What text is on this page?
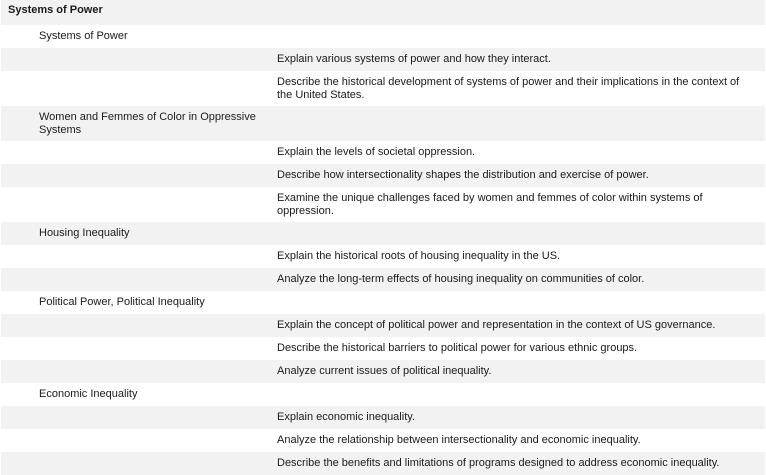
Systems of Power
Systems of Power
Explain various systems of power and how they interact.
Describe the historical development of systems of power and their implications in the context of the United States.
Women and Femmes of Color in Oppressive Systems
Explain the levels of societal oppression.
Describe how intersectionality shapes the distribution and exercise of power.
Examine the unique challenges faced by women and femmes of color within systems of oppression.
Housing Inequality
Explain the historical roots of housing inequality in the US.
Analyze the long-term effects of housing inequality on communities of color.
Political Power, Political Inequality
Explain the concept of political power and representation in the context of US governance.
Describe the historical barriers to political power for various ethnic groups.
Analyze current issues of political inequality.
Economic Inequality
Explain economic inequality.
Analyze the relationship between intersectionality and economic inequality.
Describe the benefits and limitations of programs designed to address economic inequality.
